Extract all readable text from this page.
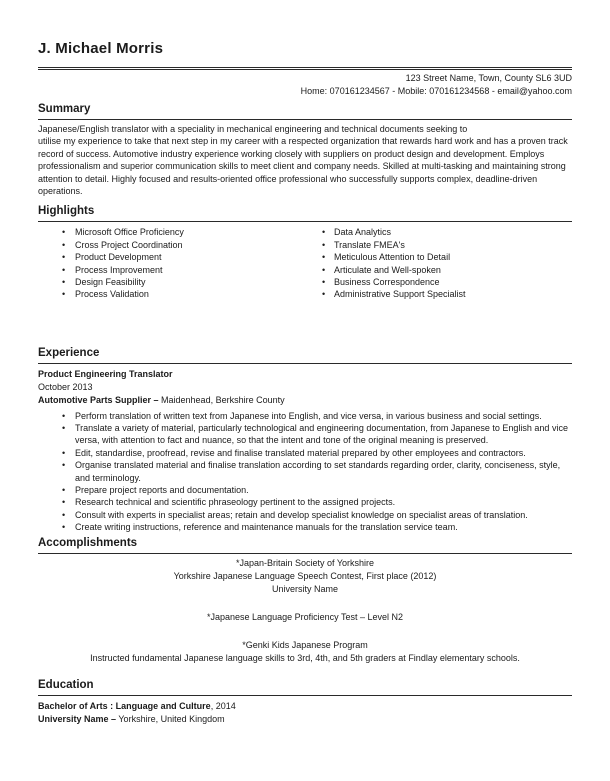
J. Michael Morris
123 Street Name, Town, County SL6 3UD
Home: 070161234567 - Mobile: 070161234568 - email@yahoo.com
Summary
Japanese/English translator with a speciality in mechanical engineering and technical documents seeking to
utilise my experience to take that next step in my career with a respected organization that rewards hard work and has a proven track record of success. Automotive industry experience working closely with suppliers on product design and development. Employs professionalism and superior communication skills to meet client and company needs. Skilled at multi-tasking and maintaining strong attention to detail. Highly focused and results-oriented office professional who successfully supports complex, deadline-driven operations.
Highlights
• Microsoft Office Proficiency
• Cross Project Coordination
• Product Development
• Process Improvement
• Design Feasibility
• Process Validation
• Data Analytics
• Translate FMEA's
• Meticulous Attention to Detail
• Articulate and Well-spoken
• Business Correspondence
• Administrative Support Specialist
Experience
Product Engineering Translator
October 2013
Automotive Parts Supplier – Maidenhead, Berkshire County
• Perform translation of written text from Japanese into English, and vice versa, in various business and social settings.
• Translate a variety of material, particularly technological and engineering documentation, from Japanese to English and vice versa, with attention to fact and nuance, so that the intent and tone of the original meaning is preserved.
• Edit, standardise, proofread, revise and finalise translated material prepared by other employees and contractors.
• Organise translated material and finalise translation according to set standards regarding order, clarity, conciseness, style, and terminology.
• Prepare project reports and documentation.
• Research technical and scientific phraseology pertinent to the assigned projects.
• Consult with experts in specialist areas; retain and develop specialist knowledge on specialist areas of translation.
• Create writing instructions, reference and maintenance manuals for the translation service team.
Accomplishments
*Japan-Britain Society of Yorkshire
Yorkshire Japanese Language Speech Contest, First place (2012)
University Name
*Japanese Language Proficiency Test – Level N2
*Genki Kids Japanese Program
Instructed fundamental Japanese language skills to 3rd, 4th, and 5th graders at Findlay elementary schools.
Education
Bachelor of Arts : Language and Culture, 2014
University Name – Yorkshire, United Kingdom
